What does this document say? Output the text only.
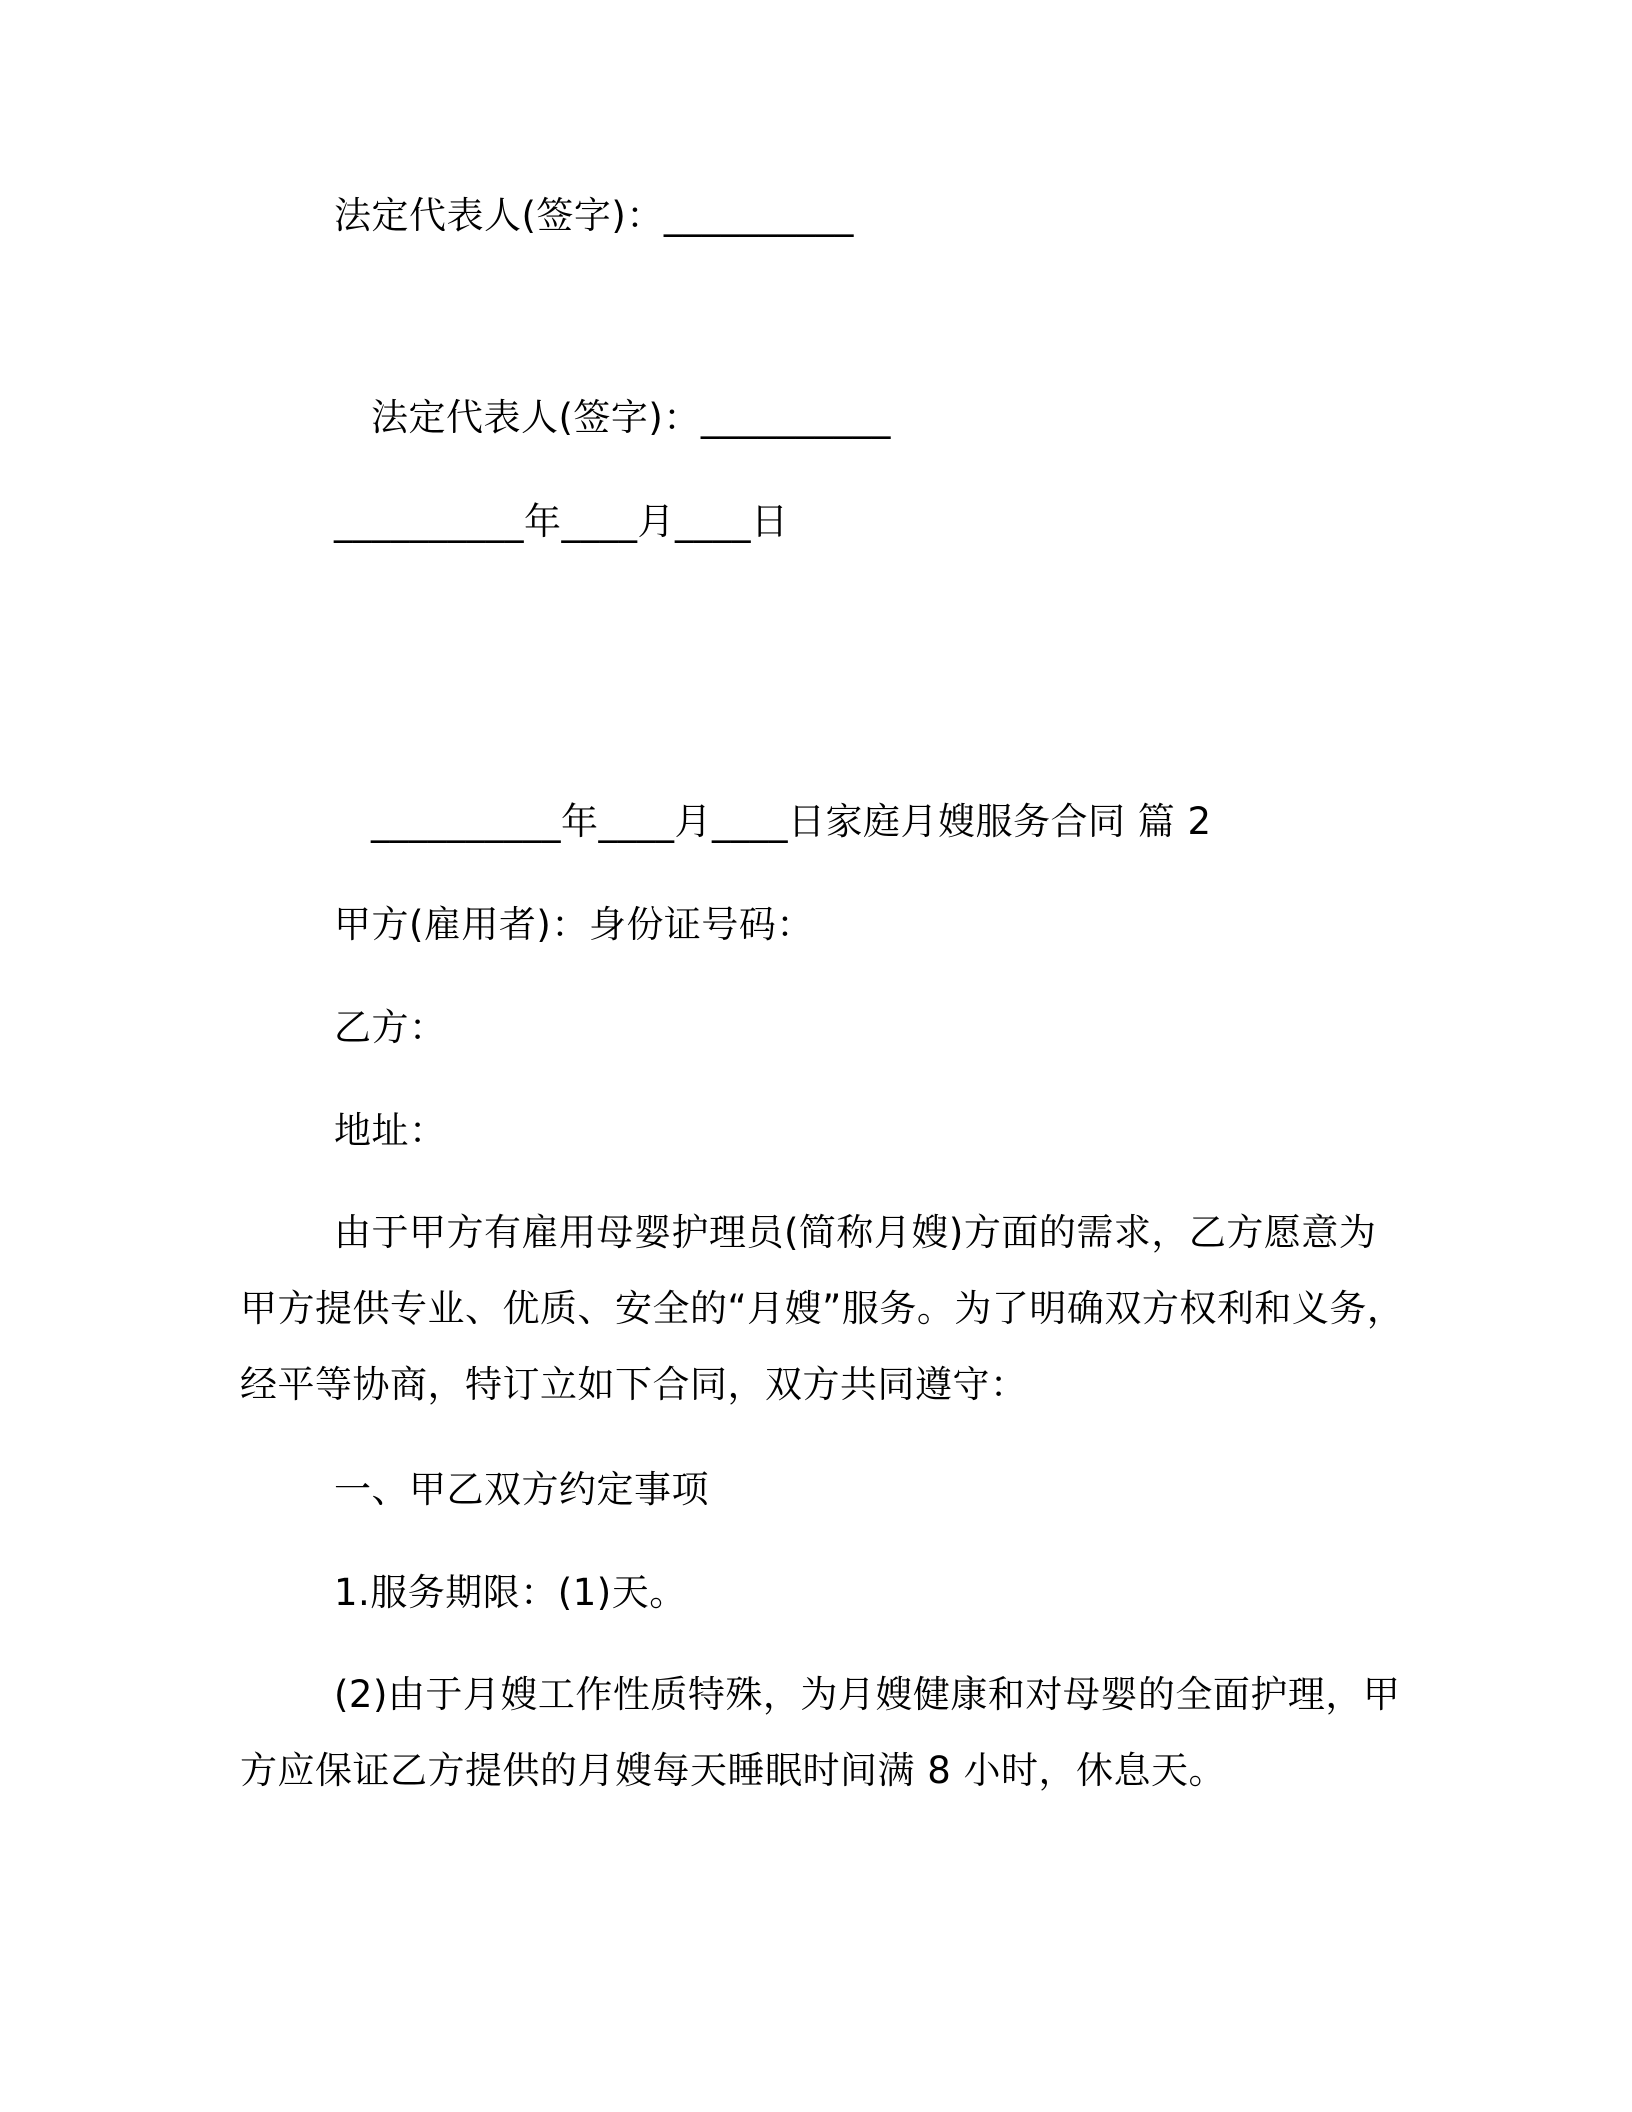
法定代表人(签字)：__________
法定代表人(签字)：__________
__________年____月____日
__________年____月____日家庭月嫂服务合同 篇 2
甲方(雇用者)：身份证号码：
乙方：
地址：
由于甲方有雇用母婴护理员(简称月嫂)方面的需求，乙方愿意为甲方提供专业、优质、安全的“月嫂”服务。为了明确双方权利和义务，经平等协商，特订立如下合同，双方共同遵守：
一、甲乙双方约定事项
1.服务期限：(1)天。
(2)由于月嫂工作性质特殊，为月嫂健康和对母婴的全面护理，甲方应保证乙方提供的月嫂每天睡眠时间满 8 小时，休息天。
